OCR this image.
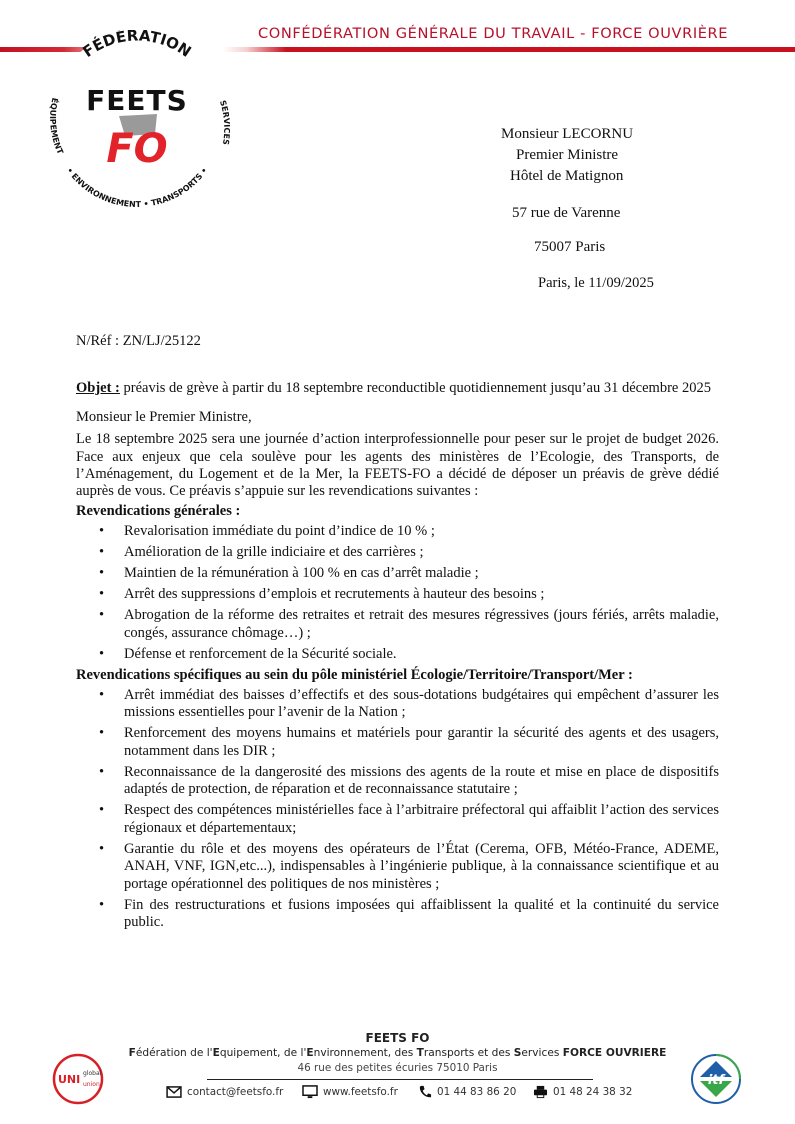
CONFÉDÉRATION GÉNÉRALE DU TRAVAIL - FORCE OUVRIÈRE
FÉDÉRATION
ÉQUIPEMENT
• ENVIRONNEMENT • TRANSPORTS •
SER S
FEETS
FO	Monsieur LECORNU
Premier Ministre
Hôtel de Matignon
57 rue de Varenne
75007 Paris
Paris, le 11/09/2025

N/Réf : ZN/LJ/25122

Objet : préavis de grève à partir du 18 septembre reconductible quotidiennement jusqu’au 31 décembre 2025

Monsieur le Premier Ministre,

Le 18 septembre 2025 sera une journée d’action interprofessionnelle pour peser sur le projet de budget 2026. Face aux enjeux que cela soulève pour les agents des ministères de l’Ecologie, des Transports, de l’Aménagement, du Logement et de la Mer, la FEETS-FO a décidé de déposer un préavis de grève dédié auprès de vous. Ce préavis s’appuie sur les revendications suivantes :

Revendications générales :

• Revalorisation immédiate du point d’indice de 10 % ;
• Amélioration de la grille indiciaire et des carrières ;
• Maintien de la rémunération à 100 % en cas d’arrêt maladie ;
• Arrêt des suppressions d’emplois et recrutements à hauteur des besoins ;
• Abrogation de la réforme des retraites et retrait des mesures régressives (jours fériés, arrêts maladie, congés, assurance chômage…) ;
• Défense et renforcement de la Sécurité sociale.

Revendications spécifiques au sein du pôle ministériel Écologie/Territoire/Transport/Mer :

• Arrêt immédiat des baisses d’effectifs et des sous-dotations budgétaires qui empêchent d’assurer les missions essentielles pour l’avenir de la Nation ;
• Renforcement des moyens humains et matériels pour garantir la sécurité des agents et des usagers, notamment dans les DIR ;
• Reconnaissance de la dangerosité des missions des agents de la route et mise en place de dispositifs adaptés de protection, de réparation et de reconnaissance statutaire ;
• Respect des compétences ministérielles face à l’arbitraire préfectoral qui affaiblit l’action des services régionaux et départementaux;
• Garantie du rôle et des moyens des opérateurs de l’État (Cerema, OFB, Météo-France, ADEME, ANAH, VNF, IGN,etc...), indispensables à l’ingénierie publique, à la connaissance scientifique et au portage opérationnel des politiques de nos ministères ;
• Fin des restructurations et fusions imposées qui affaiblissent la qualité et la continuité du service public.
UNI global
union
FEETS FO
Fédération de l'Equipement, de l'Environnement, des Transports et des Services FORCE OUVRIERE
46 rue des petites écuries 75010 Paris
contact@feetsfo.fr	www.feetsfo.fr	01 44 83 86 20	01 48 24 38 32
itf
